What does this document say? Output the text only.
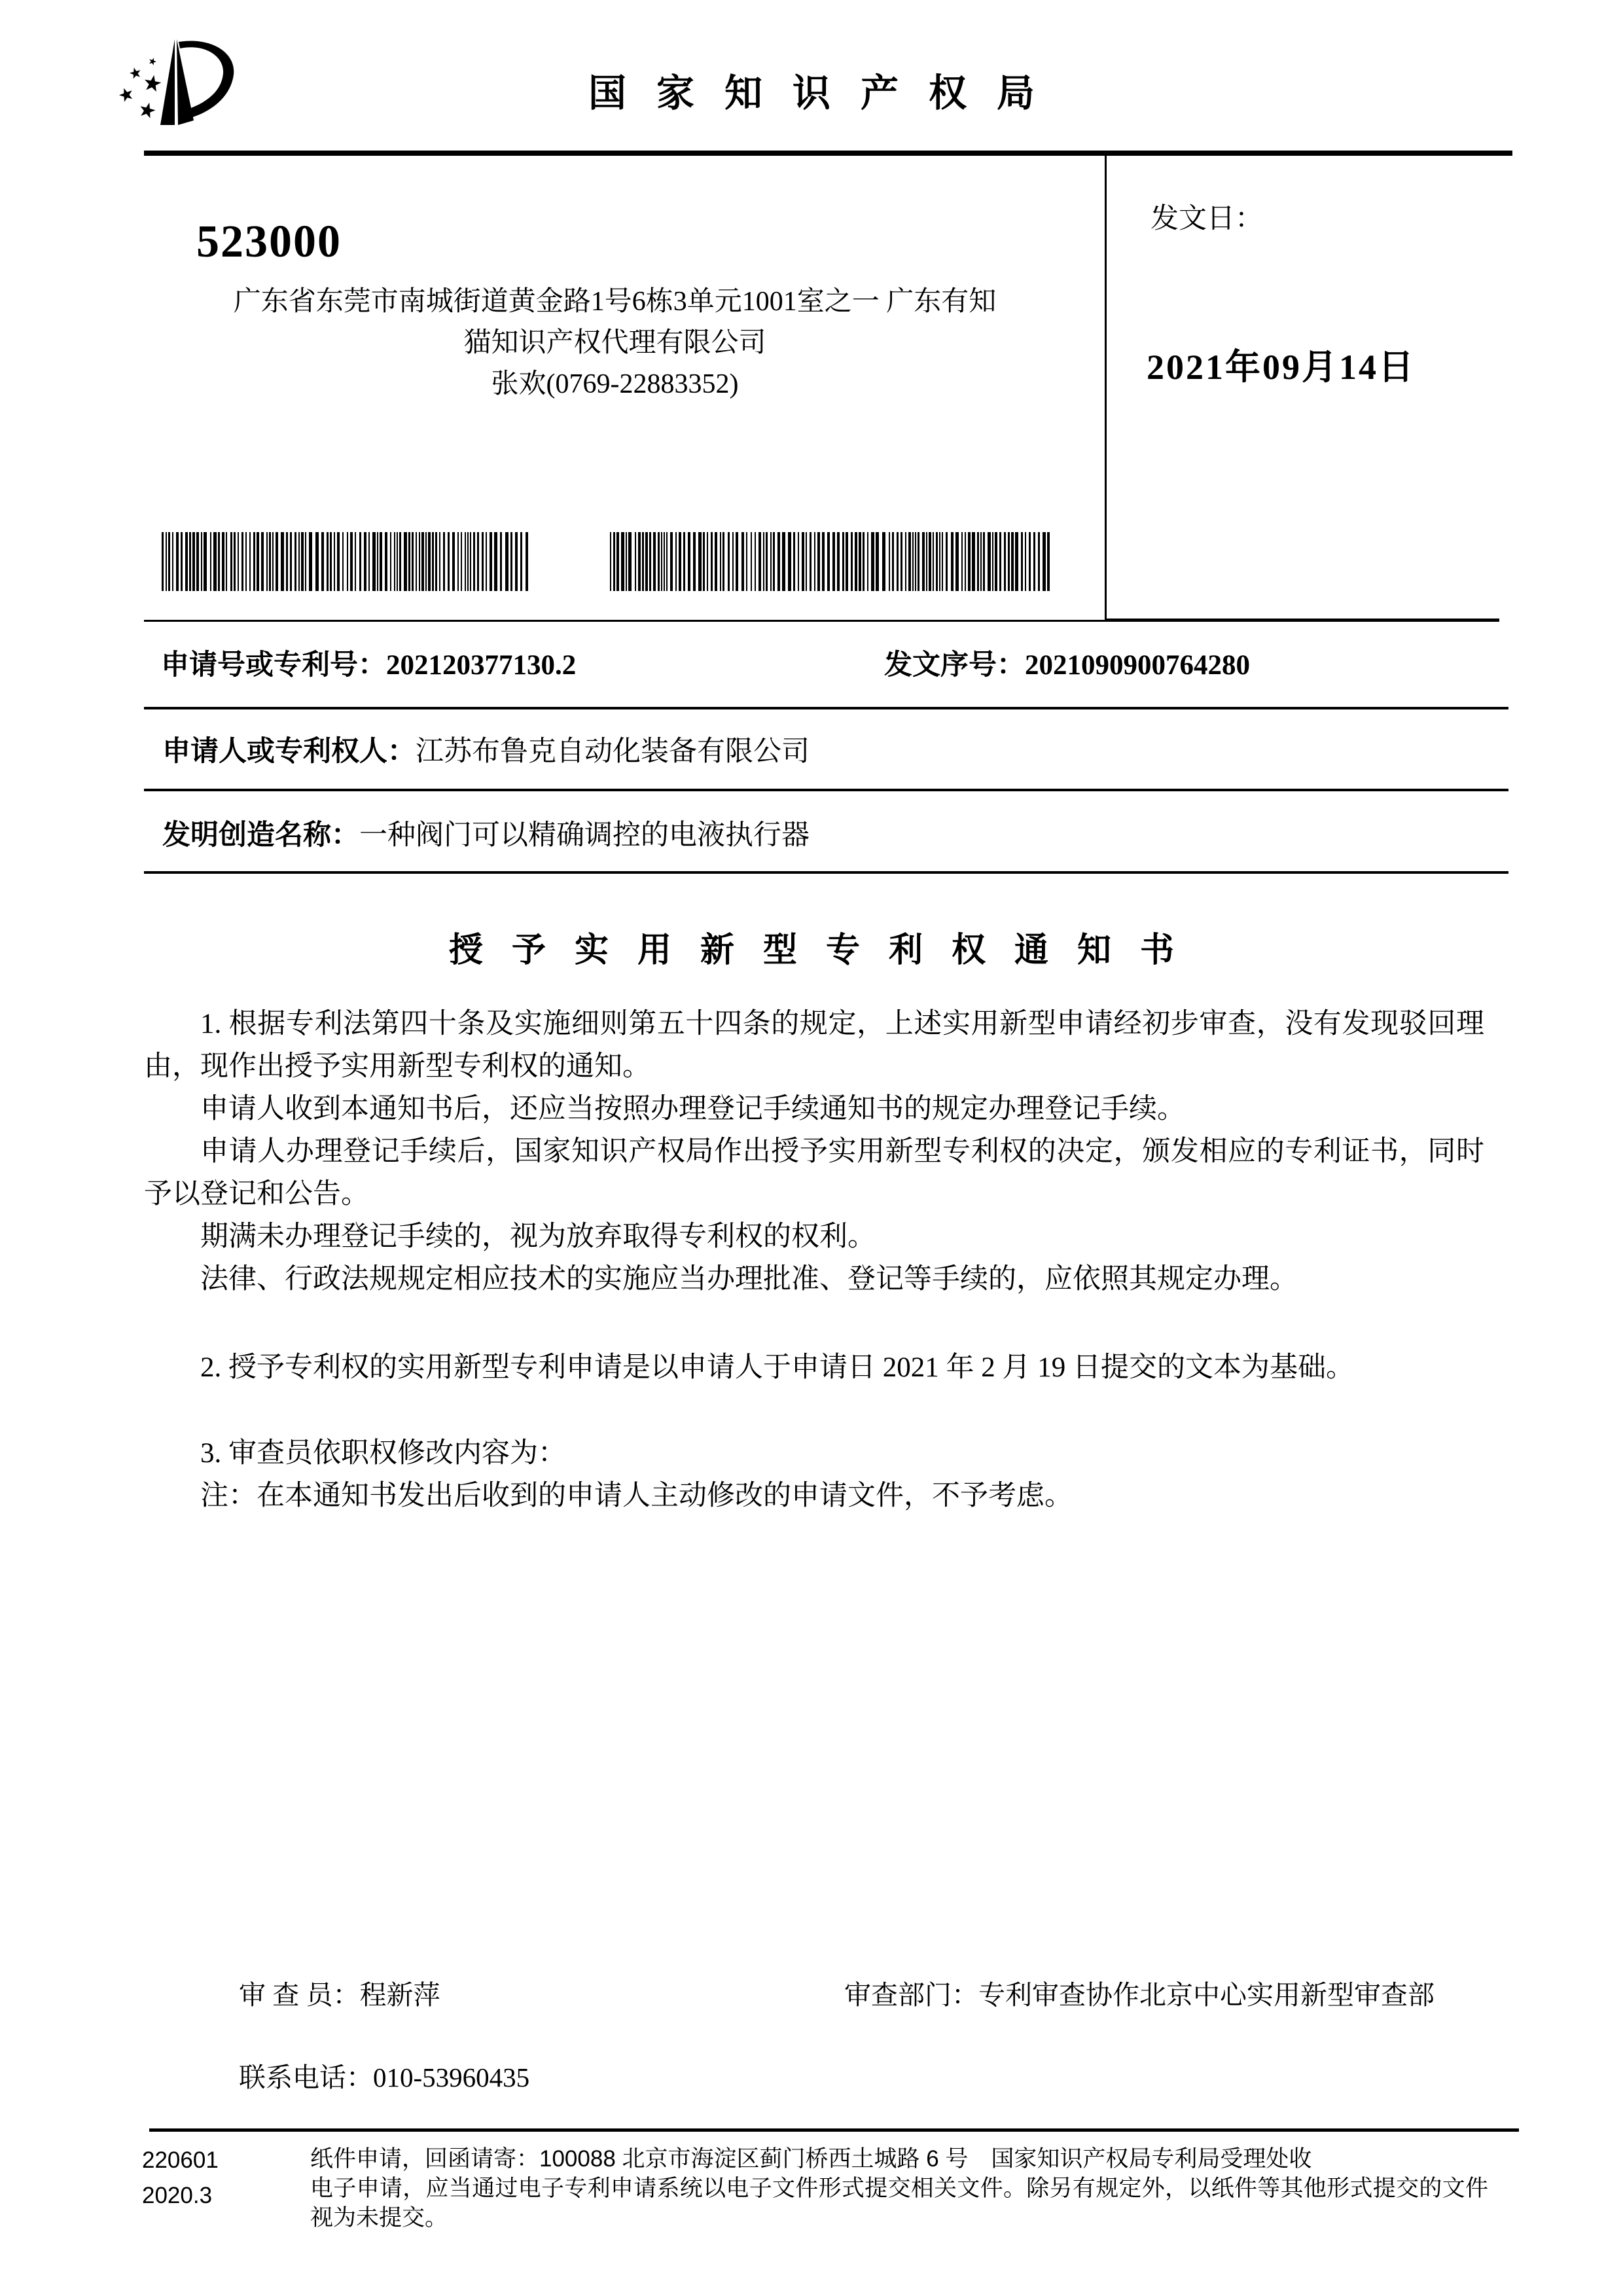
国家知识产权局
523000
广东省东莞市南城街道黄金路1号6栋3单元1001室之一 广东有知
猫知识产权代理有限公司
张欢(0769-22883352)
发文日：
2021年09月14日
申请号或专利号：202120377130.2	发文序号：2021090900764280
申请人或专利权人：江苏布鲁克自动化装备有限公司
发明创造名称：一种阀门可以精确调控的电液执行器
授予实用新型专利权通知书

1. 根据专利法第四十条及实施细则第五十四条的规定，上述实用新型申请经初步审查，没有发现驳回理由，现作出授予实用新型专利权的通知。

申请人收到本通知书后，还应当按照办理登记手续通知书的规定办理登记手续。

申请人办理登记手续后，国家知识产权局作出授予实用新型专利权的决定，颁发相应的专利证书，同时予以登记和公告。

期满未办理登记手续的，视为放弃取得专利权的权利。

法律、行政法规规定相应技术的实施应当办理批准、登记等手续的，应依照其规定办理。

2. 授予专利权的实用新型专利申请是以申请人于申请日 2021 年 2 月 19 日提交的文本为基础。

3. 审查员依职权修改内容为：

注：在本通知书发出后收到的申请人主动修改的申请文件，不予考虑。

审 查 员：程新萍	审查部门：专利审查协作北京中心实用新型审查部
联系电话：010-53960435
220601
2020.3

纸件申请，回函请寄：100088 北京市海淀区蓟门桥西土城路 6 号　国家知识产权局专利局受理处收

电子申请，应当通过电子专利申请系统以电子文件形式提交相关文件。除另有规定外，以纸件等其他形式提交的文件视为未提交。
